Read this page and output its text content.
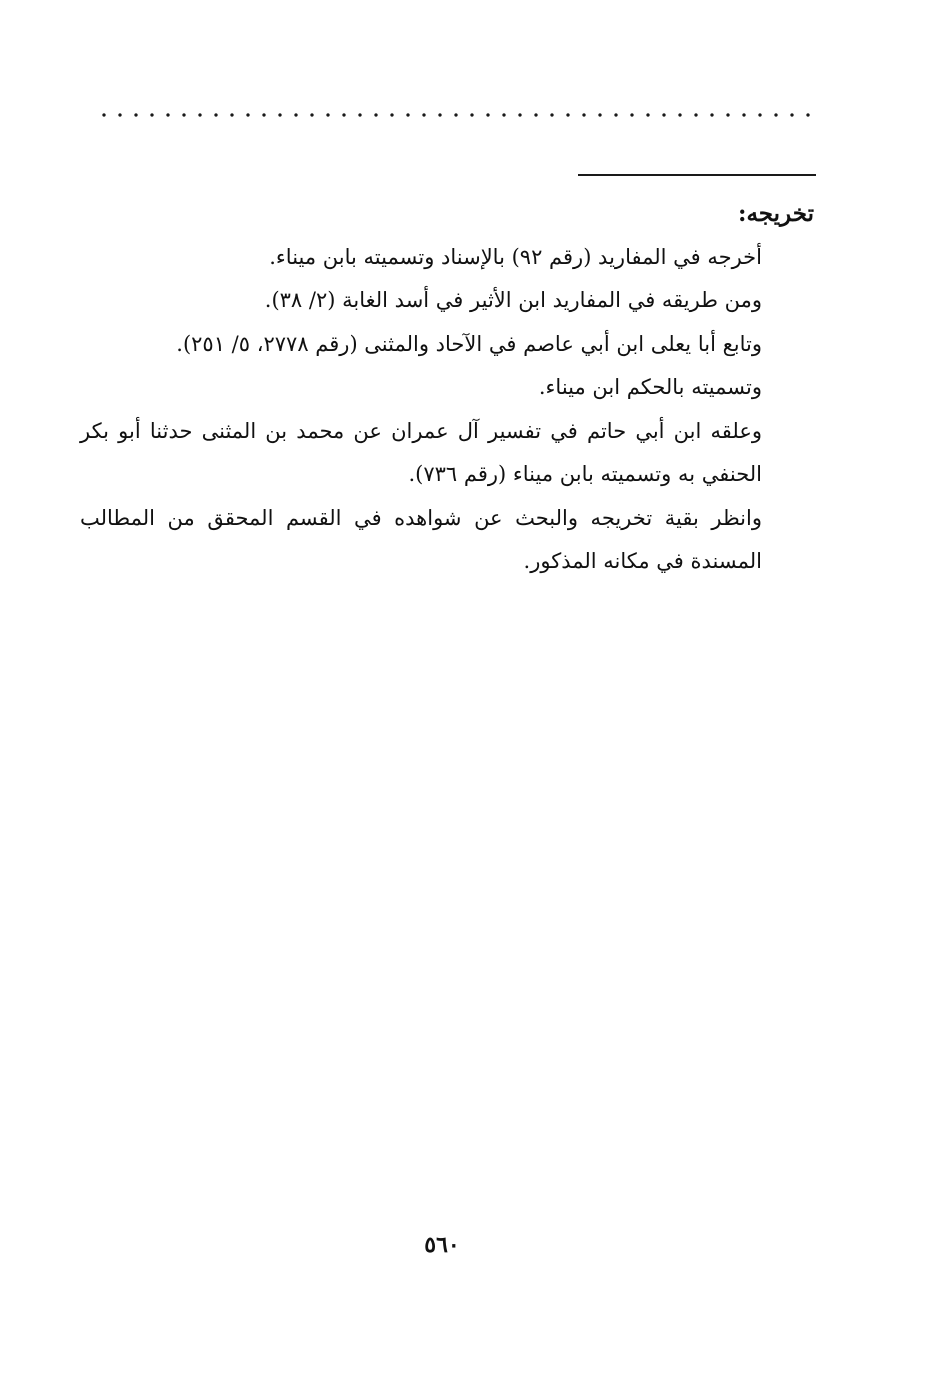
تخريجه:

أخرجه في المفاريد (رقم ٩٢) بالإسناد وتسميته بابن ميناء.

ومن طريقه في المفاريد ابن الأثير في أسد الغابة (٢/ ٣٨).

وتابع أبا يعلى ابن أبي عاصم في الآحاد والمثنى (رقم ٢٧٧٨، ٥/ ٢٥١).

وتسميته بالحكم ابن ميناء.

وعلقه ابن أبي حاتم في تفسير آل عمران عن محمد بن المثنى حدثنا أبو بكر الحنفي به وتسميته بابن ميناء (رقم ٧٣٦).

وانظر بقية تخريجه والبحث عن شواهده في القسم المحقق من المطالب المسندة في مكانه المذكور.

٥٦٠
